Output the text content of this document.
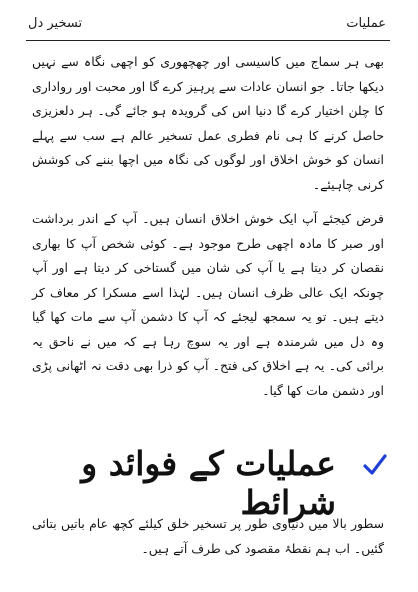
عملیات
تسخیر دل

بھی ہر سماج میں کاسیسی اور چھچھوری کو اچھی نگاہ سے نہیں دیکھا جاتا۔ جو انسان عادات سے پرہیز کرے گا اور محبت اور رواداری کا چلن اختیار کرے گا دنیا اس کی گرویدہ ہو جائے گی۔ ہر دلعزیزی حاصل کرنے کا ہی نام فطری عمل تسخیر عالم ہے سب سے پہلے انسان کو خوش اخلاق اور لوگوں کی نگاہ میں اچھا بننے کی کوشش کرنی چاہیئے۔

فرض کیجئے آپ ایک خوش اخلاق انسان ہیں۔ آپ کے اندر برداشت اور صبر کا مادہ اچھی طرح موجود ہے۔ کوئی شخص آپ کا بھاری نقصان کر دیتا ہے یا آپ کی شان میں گستاخی کر دیتا ہے اور آپ چونکہ ایک عالی ظرف انسان ہیں۔ لہٰذا اسے مسکرا کر معاف کر دیتے ہیں۔ تو یہ سمجھ لیجئے کہ آپ کا دشمن آپ سے مات کھا گیا وہ دل میں شرمندہ ہے اور یہ سوچ رہا ہے کہ میں نے ناحق یہ برائی کی۔ یہ ہے اخلاق کی فتح۔ آپ کو ذرا بھی دقت نہ اٹھانی پڑی اور دشمن مات کھا گیا۔

عملیات کے فوائد و شرائط

سطور بالا میں دنیاوی طور پر تسخیر خلق کیلئے کچھ عام باتیں بتائی گئیں۔ اب ہم نقطۂ مقصود کی طرف آتے ہیں۔
